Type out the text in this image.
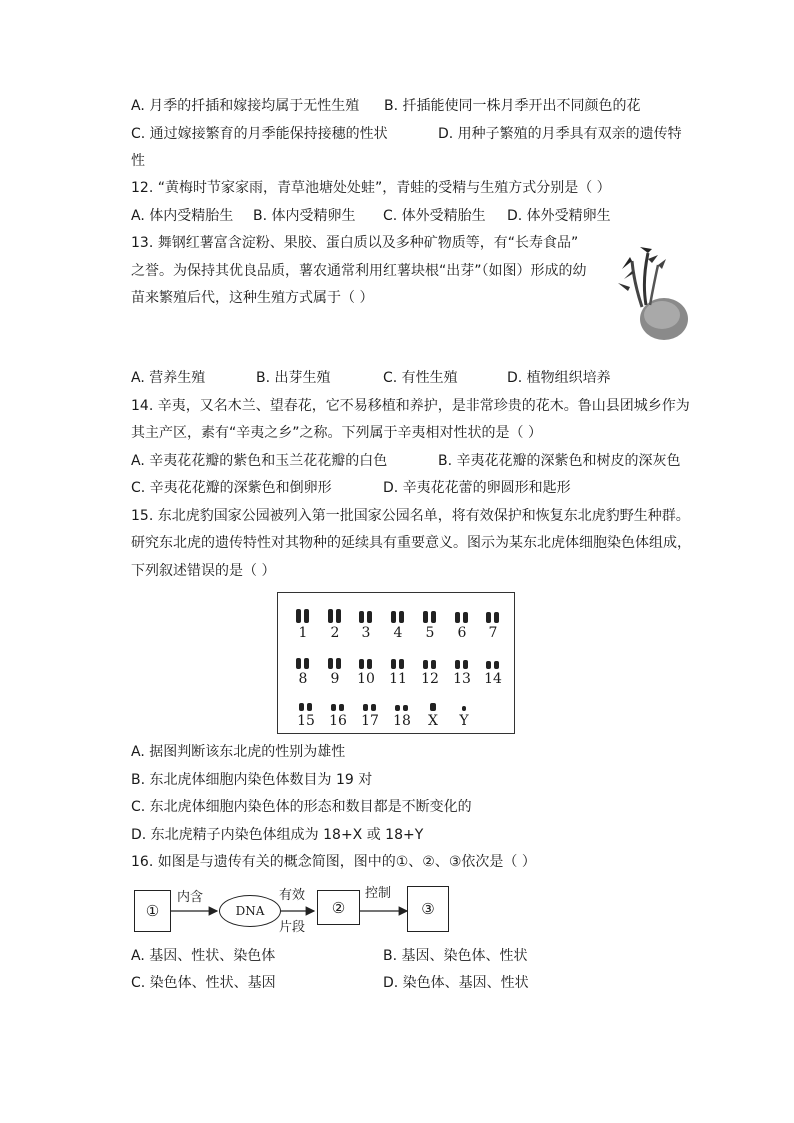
A. 月季的扦插和嫁接均属于无性生殖 B. 扦插能使同一株月季开出不同颜色的花
C. 通过嫁接繁育的月季能保持接穗的性状	D. 用种子繁殖的月季具有双亲的遗传特
性
12. “黄梅时节家家雨，青草池塘处处蛙”，青蛙的受精与生殖方式分别是（ ）
A. 体内受精胎生 B. 体内受精卵生 C. 体外受精胎生 D. 体外受精卵生
13. 舞钢红薯富含淀粉、果胶、蛋白质以及多种矿物质等，有“长寿食品”
之誉。为保持其优良品质，薯农通常利用红薯块根“出芽”（如图）形成的幼
苗来繁殖后代，这种生殖方式属于（ ）
A. 营养生殖	B. 出芽生殖	C. 有性生殖	D. 植物组织培养
14. 辛夷，又名木兰、望春花，它不易移植和养护，是非常珍贵的花木。鲁山县团城乡作为
其主产区，素有“辛夷之乡”之称。下列属于辛夷相对性状的是（ ）
A. 辛夷花花瓣的紫色和玉兰花花瓣的白色	B. 辛夷花花瓣的深紫色和树皮的深灰色
C. 辛夷花花瓣的深紫色和倒卵形	D. 辛夷花花蕾的卵圆形和匙形
15. 东北虎豹国家公园被列入第一批国家公园名单，将有效保护和恢复东北虎豹野生种群。
研究东北虎的遗传特性对其物种的延续具有重要意义。图示为某东北虎体细胞染色体组成，
下列叙述错误的是（ ）
1	2	3	4	5	6	7
8	9	10 11 12 13 14
15 16 17 18	X	Y
A. 据图判断该东北虎的性别为雄性
B. 东北虎体细胞内染色体数目为 19 对
C. 东北虎体细胞内染色体的形态和数目都是不断变化的
D. 东北虎精子内染色体组成为 18+X 或 18+Y
16. 如图是与遗传有关的概念简图，图中的①、②、③依次是（ ）
①
内含
DNA
有效
片段
②
控制
③
A. 基因、性状、染色体	B. 基因、染色体、性状
C. 染色体、性状、基因	D. 染色体、基因、性状
